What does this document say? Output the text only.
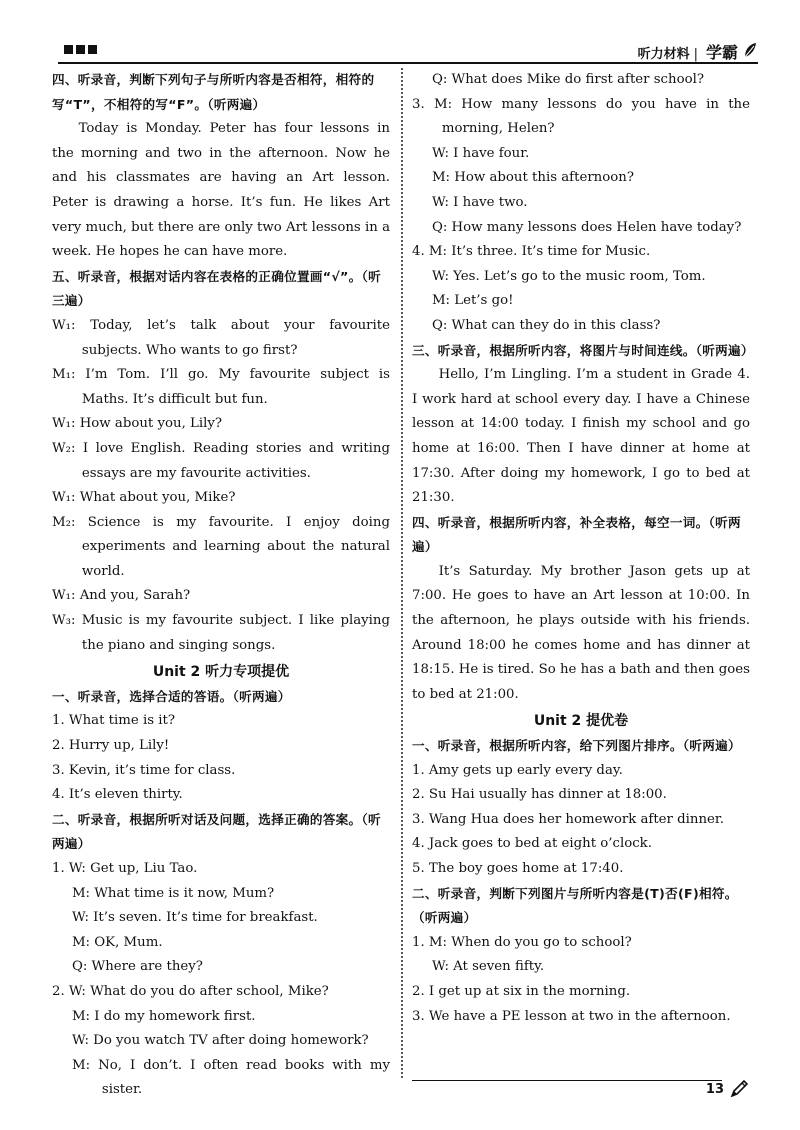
听力材料 | 学霸

四、听录音，判断下列句子与所听内容是否相符，相符的写“T”，不相符的写“F”。（听两遍）

Today is Monday. Peter has four lessons in the morning and two in the afternoon. Now he and his classmates are having an Art lesson. Peter is drawing a horse. It’s fun. He likes Art very much, but there are only two Art lessons in a week. He hopes he can have more.

五、听录音，根据对话内容在表格的正确位置画“√”。（听三遍）

W₁: Today, let’s talk about your favourite subjects. Who wants to go first?

M₁: I’m Tom. I’ll go. My favourite subject is Maths. It’s difficult but fun.

W₁: How about you, Lily?

W₂: I love English. Reading stories and writing essays are my favourite activities.

W₁: What about you, Mike?

M₂: Science is my favourite. I enjoy doing experiments and learning about the natural world.

W₁: And you, Sarah?

W₃: Music is my favourite subject. I like playing the piano and singing songs.

Unit 2 听力专项提优

一、听录音，选择合适的答语。（听两遍）

1. What time is it?

2. Hurry up, Lily!

3. Kevin, it’s time for class.

4. It’s eleven thirty.

二、听录音，根据所听对话及问题，选择正确的答案。（听两遍）

1. W: Get up, Liu Tao.

M: What time is it now, Mum?

W: It’s seven. It’s time for breakfast.

M: OK, Mum.

Q: Where are they?

2. W: What do you do after school, Mike?

M: I do my homework first.

W: Do you watch TV after doing homework?

M: No, I don’t. I often read books with my sister.

Q: What does Mike do first after school?

3. M: How many lessons do you have in the morning, Helen?

W: I have four.

M: How about this afternoon?

W: I have two.

Q: How many lessons does Helen have today?

4. M: It’s three. It’s time for Music.

W: Yes. Let’s go to the music room, Tom.

M: Let’s go!

Q: What can they do in this class?

三、听录音，根据所听内容，将图片与时间连线。（听两遍）

Hello, I’m Lingling. I’m a student in Grade 4. I work hard at school every day. I have a Chinese lesson at 14:00 today. I finish my school and go home at 16:00. Then I have dinner at home at 17:30. After doing my homework, I go to bed at 21:30.

四、听录音，根据所听内容，补全表格，每空一词。（听两遍）

It’s Saturday. My brother Jason gets up at 7:00. He goes to have an Art lesson at 10:00. In the afternoon, he plays outside with his friends. Around 18:00 he comes home and has dinner at 18:15. He is tired. So he has a bath and then goes to bed at 21:00.

Unit 2 提优卷

一、听录音，根据所听内容，给下列图片排序。（听两遍）

1. Amy gets up early every day.

2. Su Hai usually has dinner at 18:00.

3. Wang Hua does her homework after dinner.

4. Jack goes to bed at eight o’clock.

5. The boy goes home at 17:40.

二、听录音，判断下列图片与所听内容是(T)否(F)相符。（听两遍）

1. M: When do you go to school?

W: At seven fifty.

2. I get up at six in the morning.

3. We have a PE lesson at two in the afternoon.

13
